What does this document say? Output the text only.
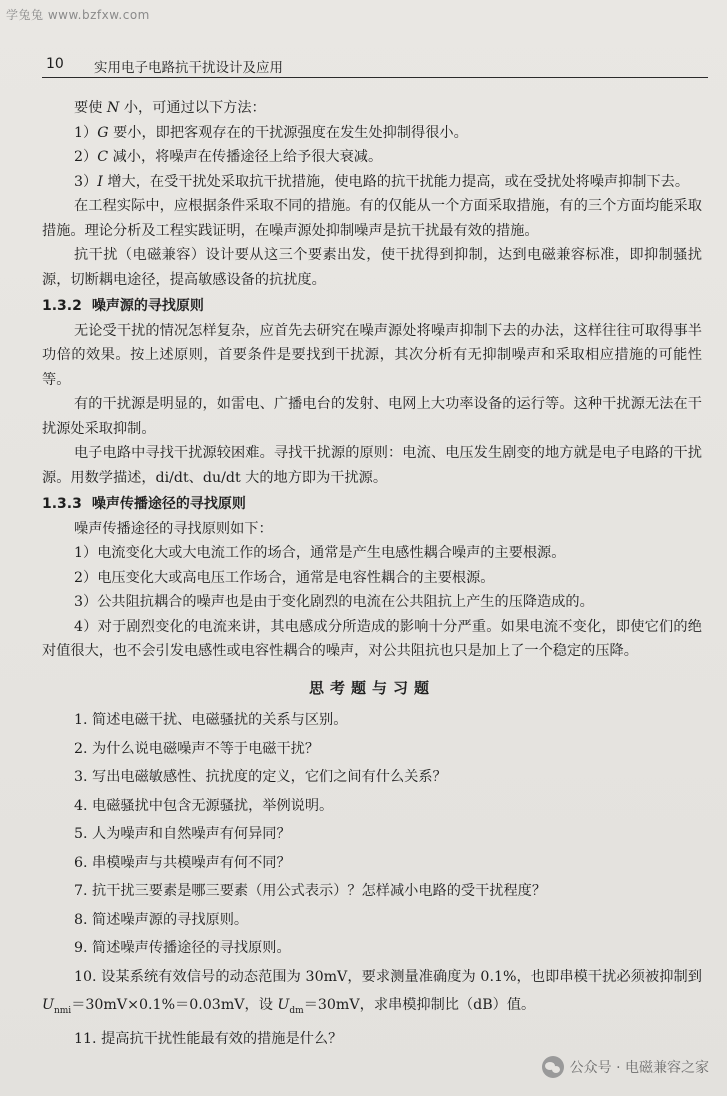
学兔兔 www.bzfxw.com
10 实用电子电路抗干扰设计及应用
要使 N 小，可通过以下方法：
1）G 要小，即把客观存在的干扰源强度在发生处抑制得很小。
2）C 减小，将噪声在传播途径上给予很大衰减。
3）I 增大，在受干扰处采取抗干扰措施，使电路的抗干扰能力提高，或在受扰处将噪声抑制下去。
在工程实际中，应根据条件采取不同的措施。有的仅能从一个方面采取措施，有的三个方面均能采取措施。理论分析及工程实践证明，在噪声源处抑制噪声是抗干扰最有效的措施。
抗干扰（电磁兼容）设计要从这三个要素出发，使干扰得到抑制，达到电磁兼容标准，即抑制骚扰源，切断耦电途径，提高敏感设备的抗扰度。
1.3.2 噪声源的寻找原则
无论受干扰的情况怎样复杂，应首先去研究在噪声源处将噪声抑制下去的办法，这样往往可取得事半功倍的效果。按上述原则，首要条件是要找到干扰源，其次分析有无抑制噪声和采取相应措施的可能性等。
有的干扰源是明显的，如雷电、广播电台的发射、电网上大功率设备的运行等。这种干扰源无法在干扰源处采取抑制。
电子电路中寻找干扰源较困难。寻找干扰源的原则：电流、电压发生剧变的地方就是电子电路的干扰源。用数学描述，di/dt、du/dt 大的地方即为干扰源。
1.3.3 噪声传播途径的寻找原则
噪声传播途径的寻找原则如下：
1）电流变化大或大电流工作的场合，通常是产生电感性耦合噪声的主要根源。
2）电压变化大或高电压工作场合，通常是电容性耦合的主要根源。
3）公共阻抗耦合的噪声也是由于变化剧烈的电流在公共阻抗上产生的压降造成的。
4）对于剧烈变化的电流来讲，其电感成分所造成的影响十分严重。如果电流不变化，即使它们的绝对值很大，也不会引发电感性或电容性耦合的噪声，对公共阻抗也只是加上了一个稳定的压降。
思考题与习题
1. 简述电磁干扰、电磁骚扰的关系与区别。
2. 为什么说电磁噪声不等于电磁干扰？
3. 写出电磁敏感性、抗扰度的定义，它们之间有什么关系？
4. 电磁骚扰中包含无源骚扰，举例说明。
5. 人为噪声和自然噪声有何异同？
6. 串模噪声与共模噪声有何不同？
7. 抗干扰三要素是哪三要素（用公式表示）？怎样减小电路的受干扰程度？
8. 简述噪声源的寻找原则。
9. 简述噪声传播途径的寻找原则。
10. 设某系统有效信号的动态范围为 30mV，要求测量准确度为 0.1%，也即串模干扰必须被抑制到 $U_{nmi}=30mV\times 0.1\%=0.03mV$，设 $U_{dm}=30mV$，求串模抑制比（dB）值。
11. 提高抗干扰性能最有效的措施是什么？
公众号 · 电磁兼容之家
